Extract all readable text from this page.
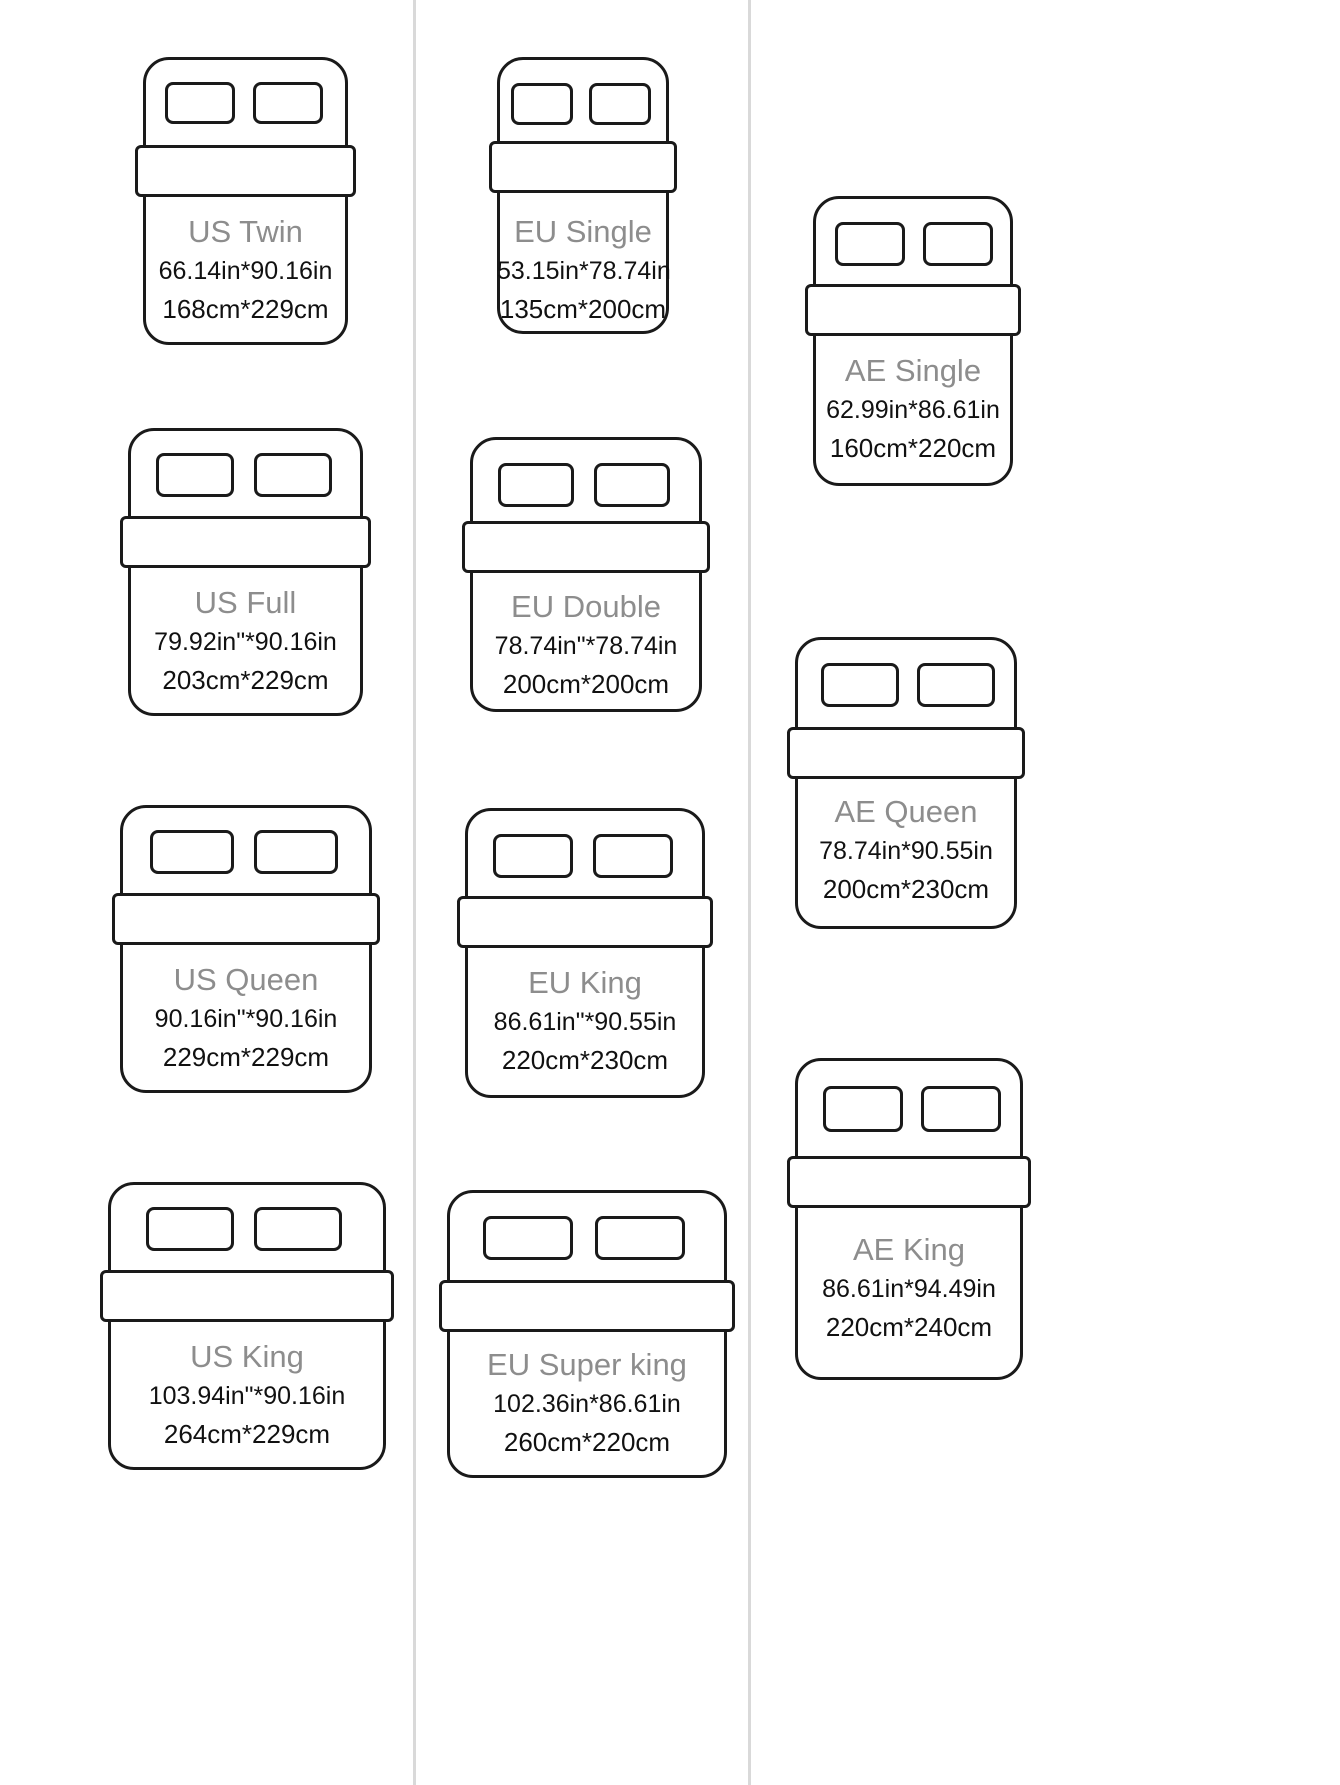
US Twin
66.14in*90.16in
168cm*229cm
US Full
79.92in"*90.16in
203cm*229cm
US Queen
90.16in"*90.16in
229cm*229cm
US King
103.94in"*90.16in
264cm*229cm
EU Single
53.15in*78.74in
135cm*200cm
EU Double
78.74in"*78.74in
200cm*200cm
EU King
86.61in"*90.55in
220cm*230cm
EU Super king
102.36in*86.61in
260cm*220cm
AE Single
62.99in*86.61in
160cm*220cm
AE Queen
78.74in*90.55in
200cm*230cm
AE King
86.61in*94.49in
220cm*240cm
